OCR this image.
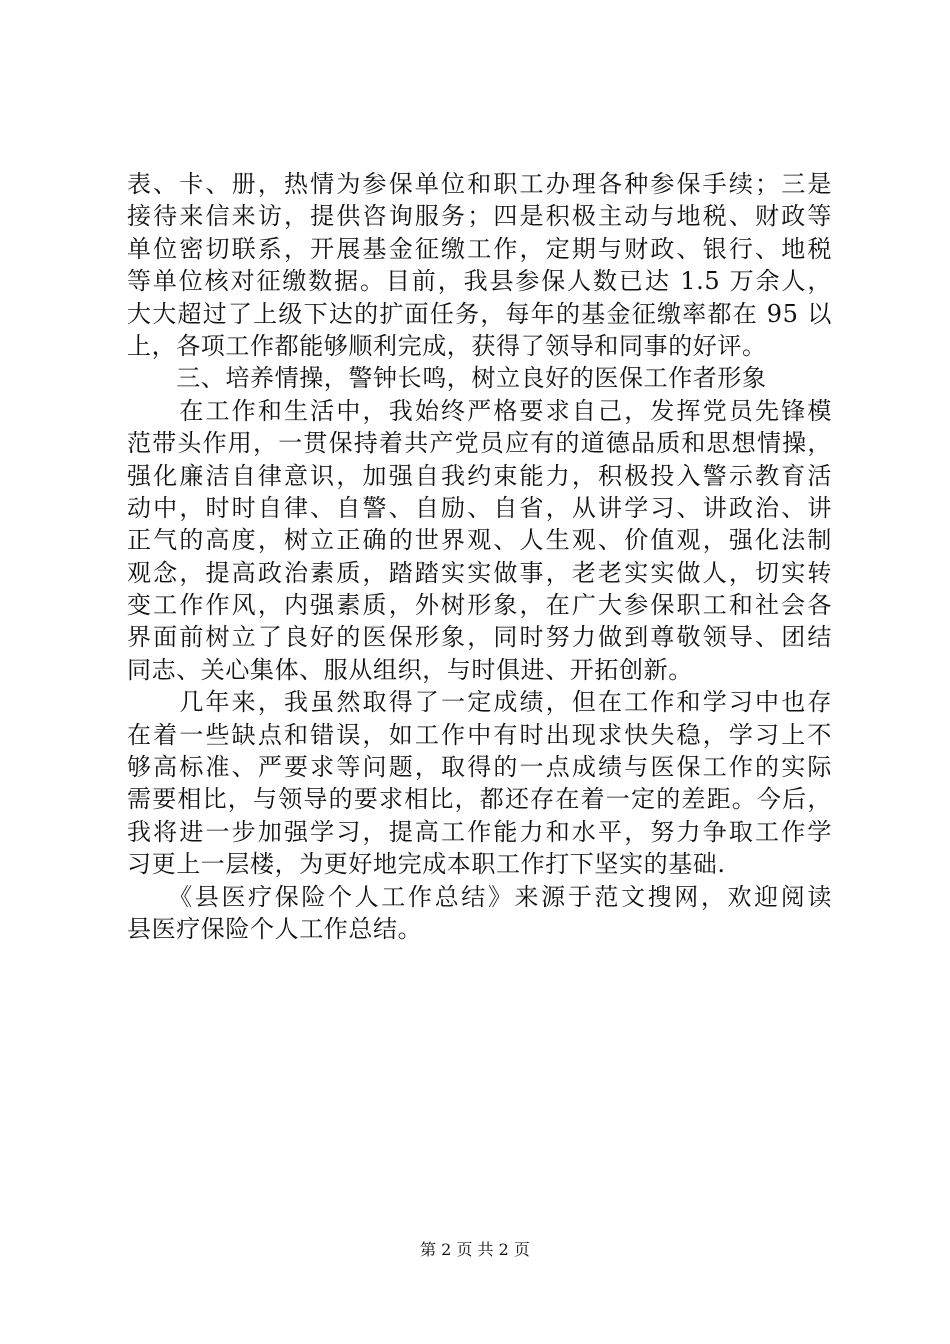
表、卡、册，热情为参保单位和职工办理各种参保手续；三是
接待来信来访，提供咨询服务；四是积极主动与地税、财政等
单位密切联系，开展基金征缴工作，定期与财政、银行、地税
等单位核对征缴数据。目前，我县参保人数已达 1.5 万余人，
大大超过了上级下达的扩面任务，每年的基金征缴率都在 95 以
上，各项工作都能够顺利完成，获得了领导和同事的好评。
　　三、培养情操，警钟长鸣，树立良好的医保工作者形象
　　在工作和生活中，我始终严格要求自己，发挥党员先锋模
范带头作用，一贯保持着共产党员应有的道德品质和思想情操，
强化廉洁自律意识，加强自我约束能力，积极投入警示教育活
动中，时时自律、自警、自励、自省，从讲学习、讲政治、讲
正气的高度，树立正确的世界观、人生观、价值观，强化法制
观念，提高政治素质，踏踏实实做事，老老实实做人，切实转
变工作作风，内强素质，外树形象，在广大参保职工和社会各
界面前树立了良好的医保形象，同时努力做到尊敬领导、团结
同志、关心集体、服从组织，与时俱进、开拓创新。
　　几年来，我虽然取得了一定成绩，但在工作和学习中也存
在着一些缺点和错误，如工作中有时出现求快失稳，学习上不
够高标准、严要求等问题，取得的一点成绩与医保工作的实际
需要相比，与领导的要求相比，都还存在着一定的差距。今后，
我将进一步加强学习，提高工作能力和水平，努力争取工作学
习更上一层楼，为更好地完成本职工作打下坚实的基础.
　　《县医疗保险个人工作总结》来源于范文搜网，欢迎阅读
县医疗保险个人工作总结。
第 2 页 共 2 页
